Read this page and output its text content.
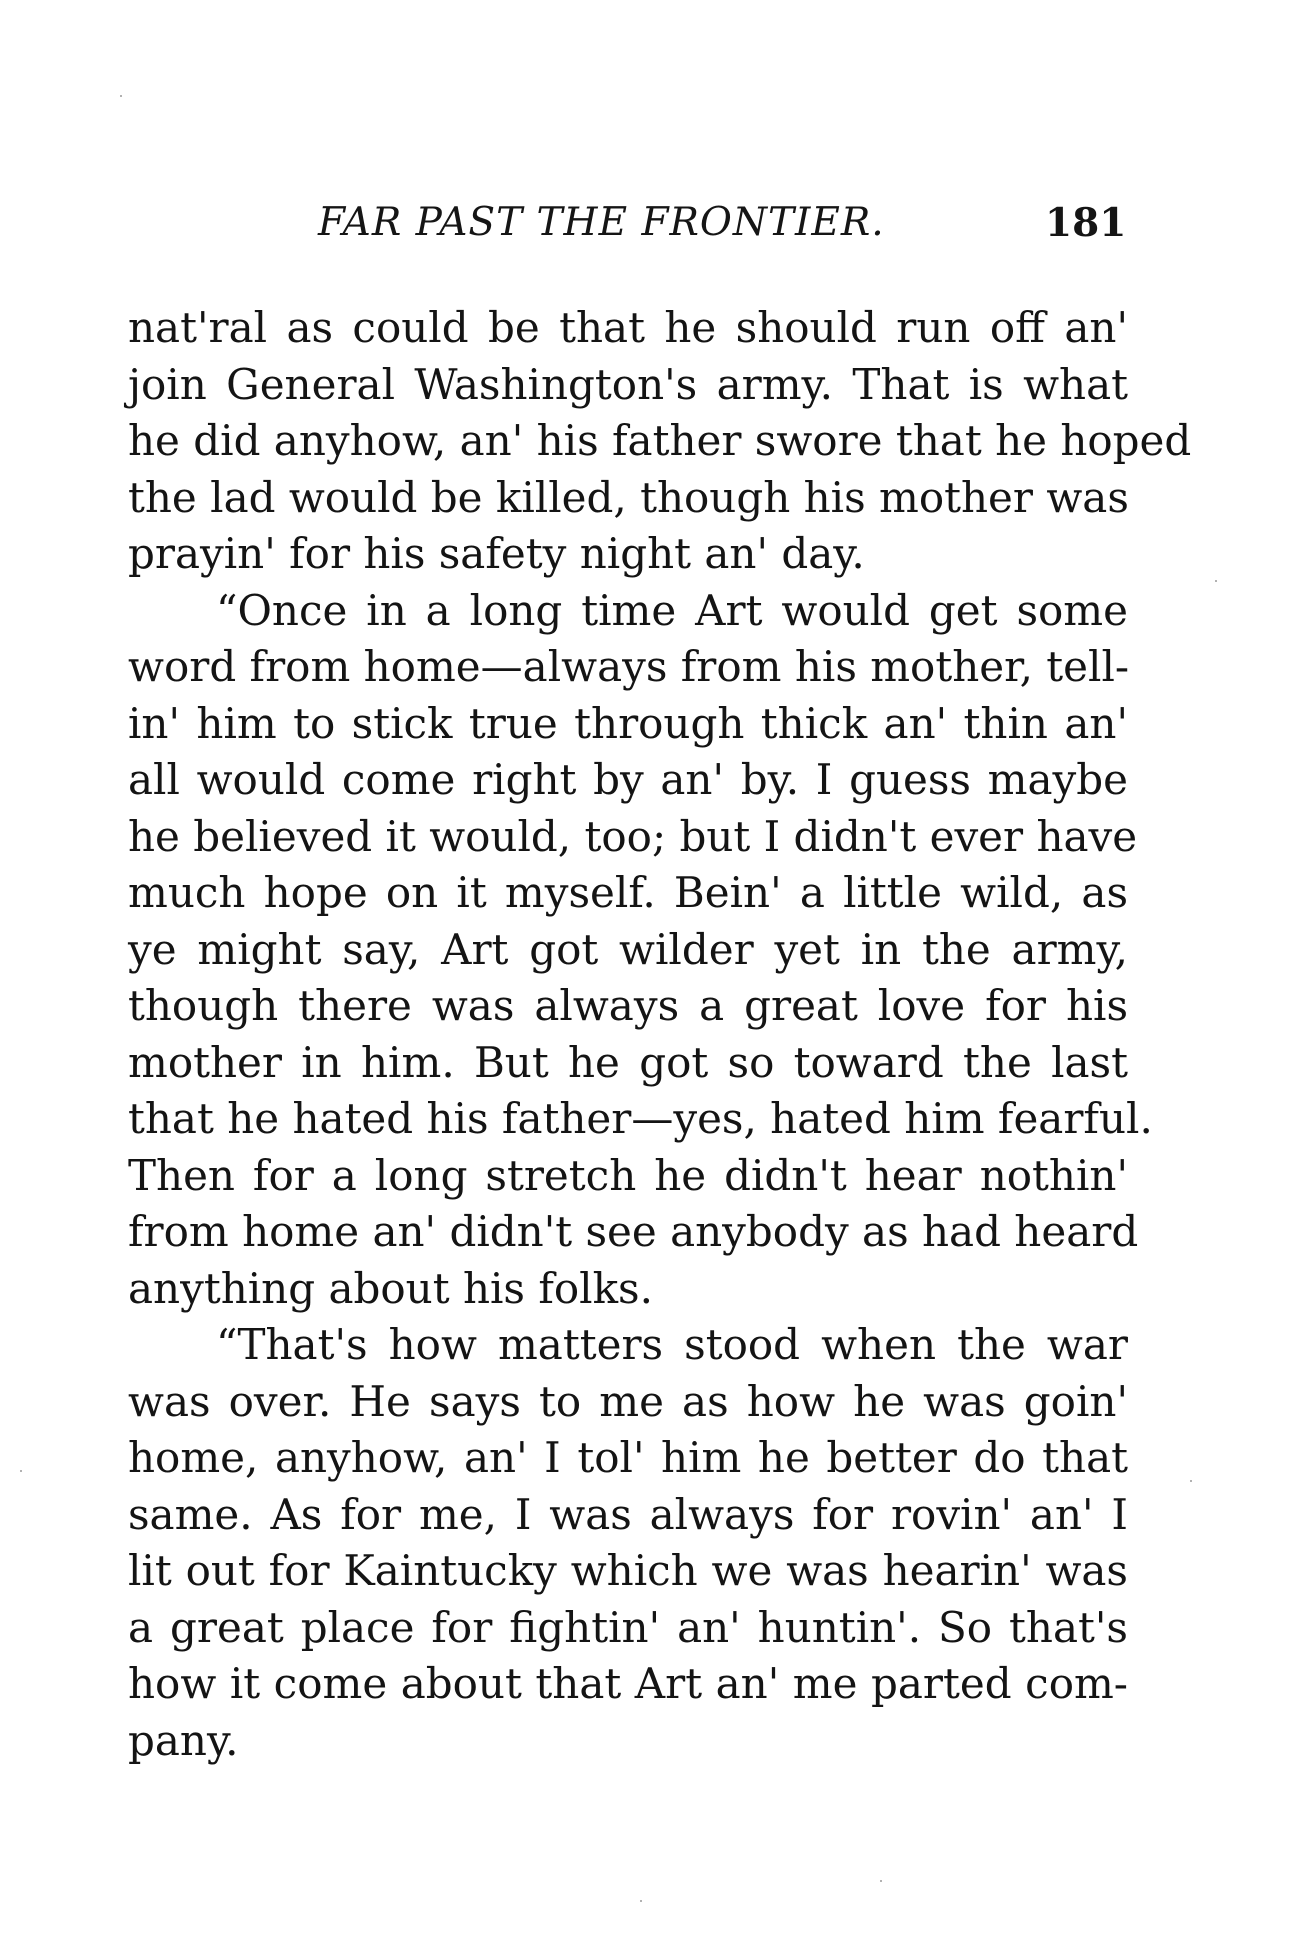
FAR PAST THE FRONTIER.	181
nat'ral as could be that he should run off an'
join General Washington's army. That is what
he did anyhow, an' his father swore that he hoped
the lad would be killed, though his mother was
prayin' for his safety night an' day.
“Once in a long time Art would get some
word from home—always from his mother, tell-
in' him to stick true through thick an' thin an'
all would come right by an' by. I guess maybe
he believed it would, too; but I didn't ever have
much hope on it myself. Bein' a little wild, as
ye might say, Art got wilder yet in the army,
though there was always a great love for his
mother in him. But he got so toward the last
that he hated his father—yes, hated him fearful.
Then for a long stretch he didn't hear nothin'
from home an' didn't see anybody as had heard
anything about his folks.
“That's how matters stood when the war
was over. He says to me as how he was goin'
home, anyhow, an' I tol' him he better do that
same. As for me, I was always for rovin' an' I
lit out for Kaintucky which we was hearin' was
a great place for fightin' an' huntin'. So that's
how it come about that Art an' me parted com-
pany.
